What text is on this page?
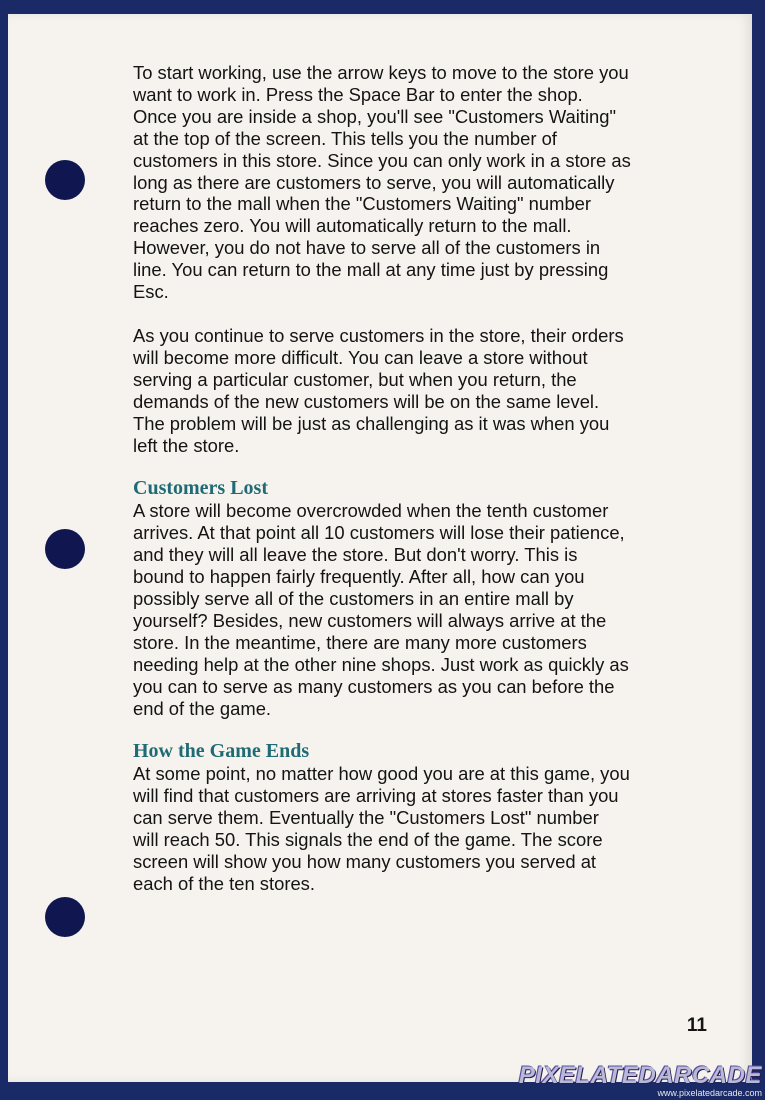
To start working, use the arrow keys to move to the store you
want to work in. Press the Space Bar to enter the shop.
Once you are inside a shop, you'll see "Customers Waiting"
at the top of the screen. This tells you the number of
customers in this store. Since you can only work in a store as
long as there are customers to serve, you will automatically
return to the mall when the "Customers Waiting" number
reaches zero. You will automatically return to the mall.
However, you do not have to serve all of the customers in
line. You can return to the mall at any time just by pressing
Esc.

As you continue to serve customers in the store, their orders
will become more difficult. You can leave a store without
serving a particular customer, but when you return, the
demands of the new customers will be on the same level.
The problem will be just as challenging as it was when you
left the store.

Customers Lost

A store will become overcrowded when the tenth customer
arrives. At that point all 10 customers will lose their patience,
and they will all leave the store. But don't worry. This is
bound to happen fairly frequently. After all, how can you
possibly serve all of the customers in an entire mall by
yourself? Besides, new customers will always arrive at the
store. In the meantime, there are many more customers
needing help at the other nine shops. Just work as quickly as
you can to serve as many customers as you can before the
end of the game.

How the Game Ends

At some point, no matter how good you are at this game, you
will find that customers are arriving at stores faster than you
can serve them. Eventually the "Customers Lost" number
will reach 50. This signals the end of the game. The score
screen will show you how many customers you served at
each of the ten stores.

11
PIXELATEDARCADE
www.pixelatedarcade.com
